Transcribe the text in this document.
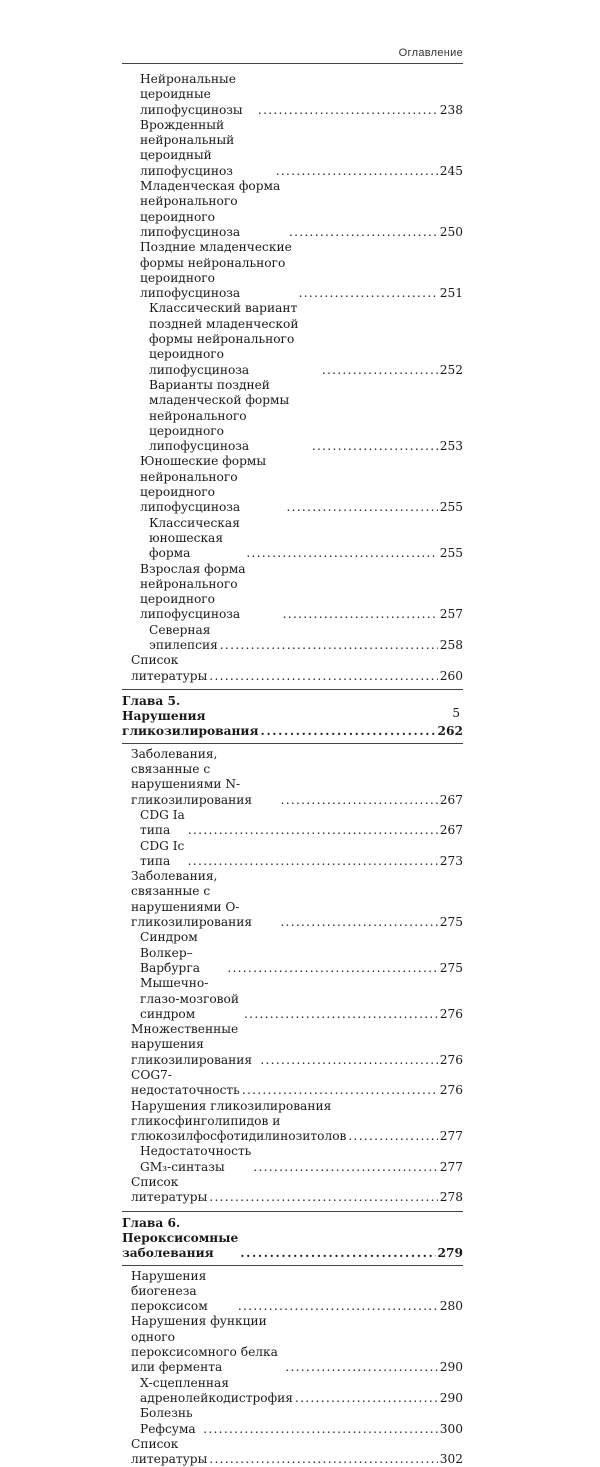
Оглавление
Нейрональные цероидные липофусцинозы . . .	238
Врожденный нейрональный цероидный липофусциноз . . .	245
Младенческая форма нейронального цероидного липофусциноза . . .	250
Поздние младенческие формы нейронального цероидного липофусциноза . . .	251
Классический вариант поздней младенческой формы нейронального цероидного липофусциноза . . .	252
Варианты поздней младенческой формы нейронального цероидного липофусциноза . . .	253
Юношеские формы нейронального цероидного липофусциноза . . .	255
Классическая юношеская форма . . .	255
Взрослая форма нейронального цероидного липофусциноза . . .	257
Северная эпилепсия . . .	258
Список литературы . . .	260
Глава 5. Нарушения гликозилирования . . .	262
Заболевания, связанные с нарушениями N-гликозилирования . . .	267
CDG Ia типа . . .	267
CDG Ic типа . . .	273
Заболевания, связанные с нарушениями О-гликозилирования . . .	275
Синдром Волкер–Варбурга . . .	275
Мышечно-глазо-мозговой синдром . . .	276
Множественные нарушения гликозилирования . . .	276
COG7-недостаточность . . .	276
Нарушения гликозилирования гликосфинголипидов и глюкозилфосфотидилинозитолов . . .	277
Недостаточность GM₃-синтазы . . .	277
Список литературы . . .	278
Глава 6. Пероксисомные заболевания . . .	279
Нарушения биогенеза пероксисом . . .	280
Нарушения функции одного пероксисомного белка или фермента . . .	290
Х-сцепленная адренолейкодистрофия . . .	290
Болезнь Рефсума . . .	300
Список литературы . . .	302
5
